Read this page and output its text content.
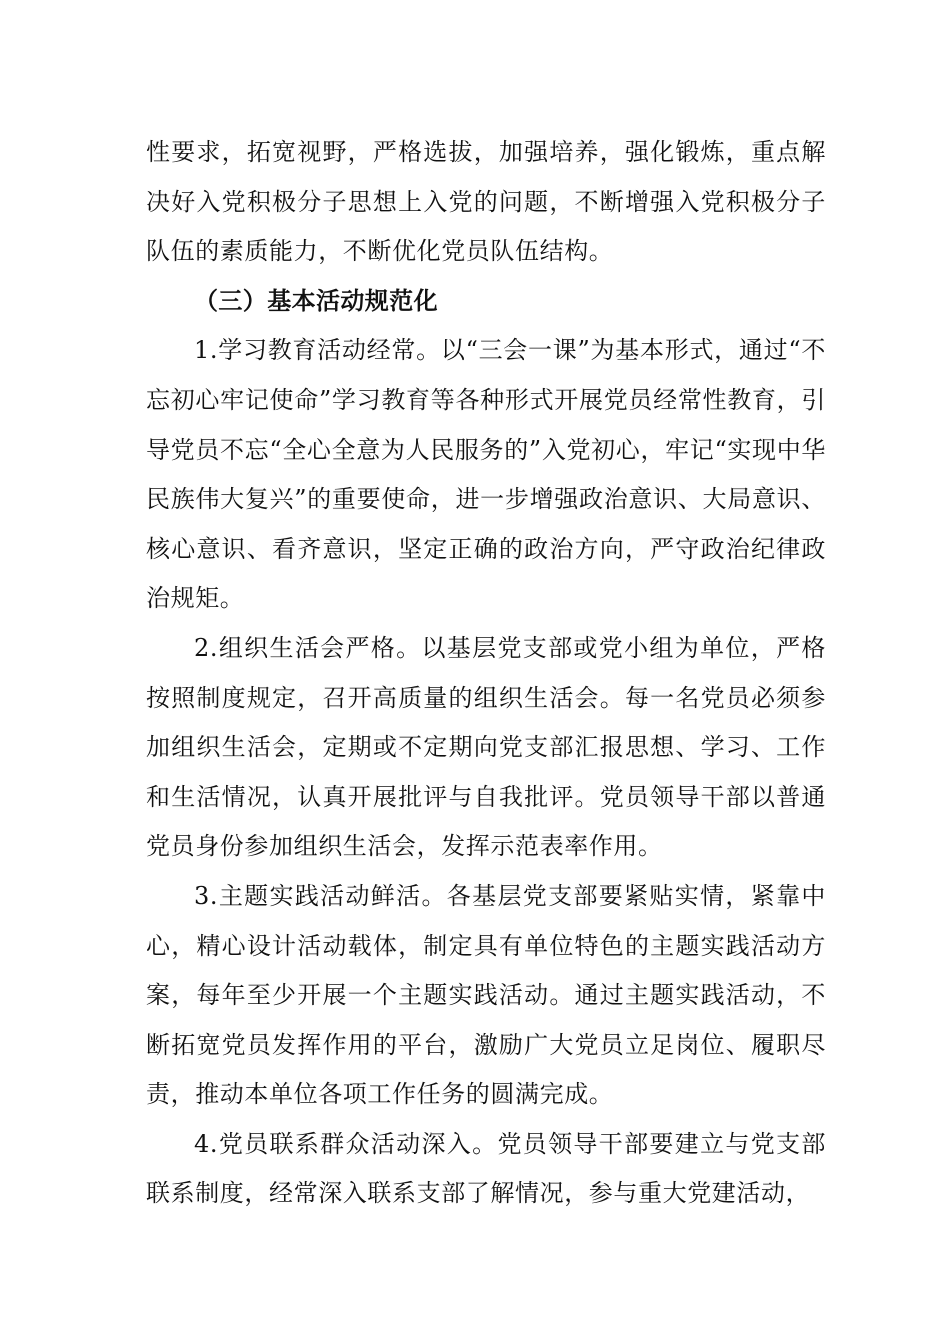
性要求，拓宽视野，严格选拔，加强培养，强化锻炼，重点解决好入党积极分子思想上入党的问题，不断增强入党积极分子队伍的素质能力，不断优化党员队伍结构。

（三）基本活动规范化

1.学习教育活动经常。以“三会一课”为基本形式，通过“不忘初心牢记使命”学习教育等各种形式开展党员经常性教育，引导党员不忘“全心全意为人民服务的”入党初心，牢记“实现中华民族伟大复兴”的重要使命，进一步增强政治意识、大局意识、核心意识、看齐意识，坚定正确的政治方向，严守政治纪律政治规矩。

2.组织生活会严格。以基层党支部或党小组为单位，严格按照制度规定，召开高质量的组织生活会。每一名党员必须参加组织生活会，定期或不定期向党支部汇报思想、学习、工作和生活情况，认真开展批评与自我批评。党员领导干部以普通党员身份参加组织生活会，发挥示范表率作用。

3.主题实践活动鲜活。各基层党支部要紧贴实情，紧靠中心，精心设计活动载体，制定具有单位特色的主题实践活动方案，每年至少开展一个主题实践活动。通过主题实践活动，不断拓宽党员发挥作用的平台，激励广大党员立足岗位、履职尽责，推动本单位各项工作任务的圆满完成。

4.党员联系群众活动深入。党员领导干部要建立与党支部联系制度，经常深入联系支部了解情况，参与重大党建活动，
